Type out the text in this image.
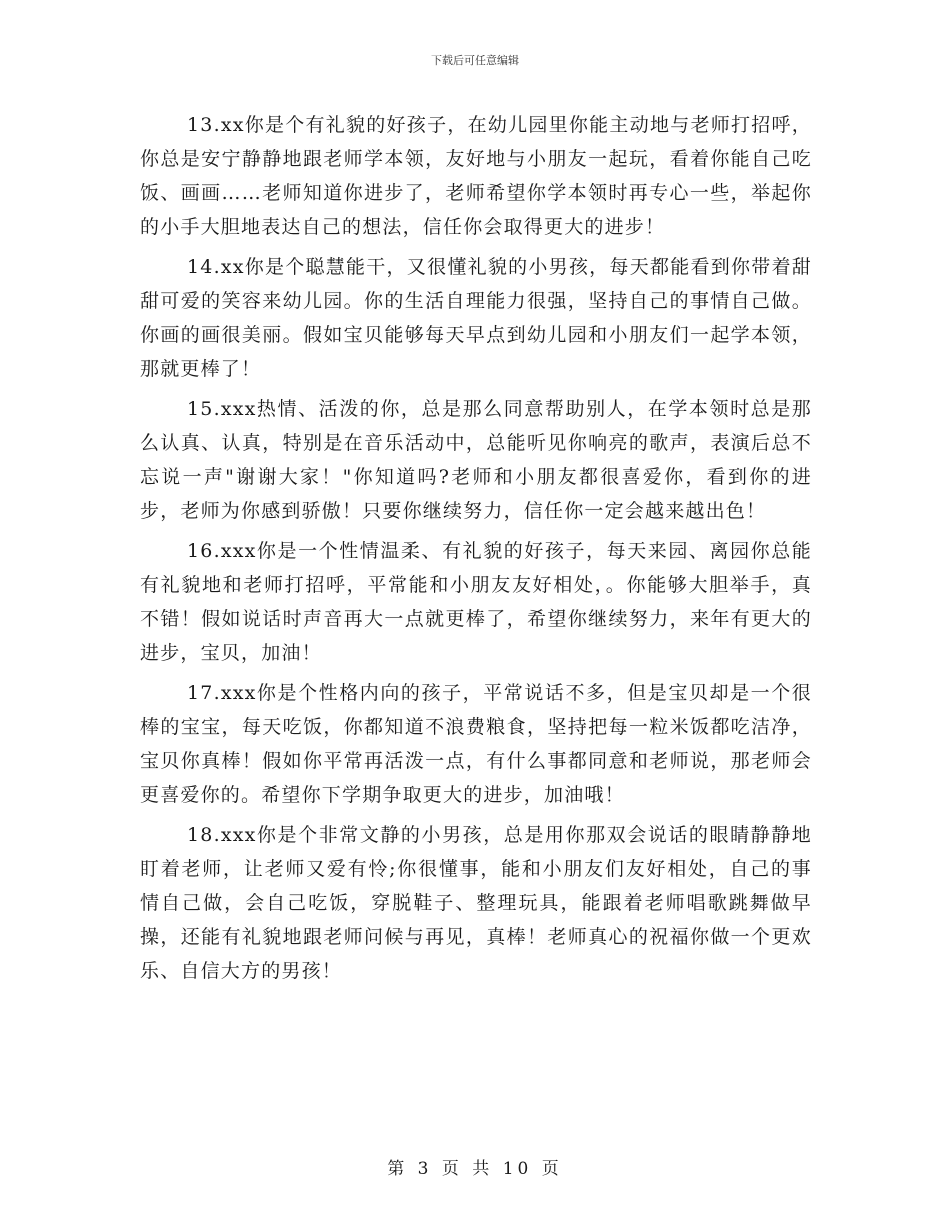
下载后可任意编辑

13.xx你是个有礼貌的好孩子，在幼儿园里你能主动地与老师打招呼，你总是安宁静静地跟老师学本领，友好地与小朋友一起玩，看着你能自己吃饭、画画……老师知道你进步了，老师希望你学本领时再专心一些，举起你的小手大胆地表达自己的想法，信任你会取得更大的进步！

14.xx你是个聪慧能干，又很懂礼貌的小男孩，每天都能看到你带着甜甜可爱的笑容来幼儿园。你的生活自理能力很强，坚持自己的事情自己做。你画的画很美丽。假如宝贝能够每天早点到幼儿园和小朋友们一起学本领，那就更棒了！

15.xxx热情、活泼的你，总是那么同意帮助别人，在学本领时总是那么认真、认真，特别是在音乐活动中，总能听见你响亮的歌声，表演后总不忘说一声"谢谢大家！"你知道吗?老师和小朋友都很喜爱你，看到你的进步，老师为你感到骄傲！只要你继续努力，信任你一定会越来越出色！

16.xxx你是一个性情温柔、有礼貌的好孩子，每天来园、离园你总能有礼貌地和老师打招呼，平常能和小朋友友好相处，。你能够大胆举手，真不错！假如说话时声音再大一点就更棒了，希望你继续努力，来年有更大的进步，宝贝，加油！

17.xxx你是个性格内向的孩子，平常说话不多，但是宝贝却是一个很棒的宝宝，每天吃饭，你都知道不浪费粮食，坚持把每一粒米饭都吃洁净，宝贝你真棒！假如你平常再活泼一点，有什么事都同意和老师说，那老师会更喜爱你的。希望你下学期争取更大的进步，加油哦！

18.xxx你是个非常文静的小男孩，总是用你那双会说话的眼睛静静地盯着老师，让老师又爱有怜;你很懂事，能和小朋友们友好相处，自己的事情自己做，会自己吃饭，穿脱鞋子、整理玩具，能跟着老师唱歌跳舞做早操，还能有礼貌地跟老师问候与再见，真棒！老师真心的祝福你做一个更欢乐、自信大方的男孩！

第 3 页 共 10 页
